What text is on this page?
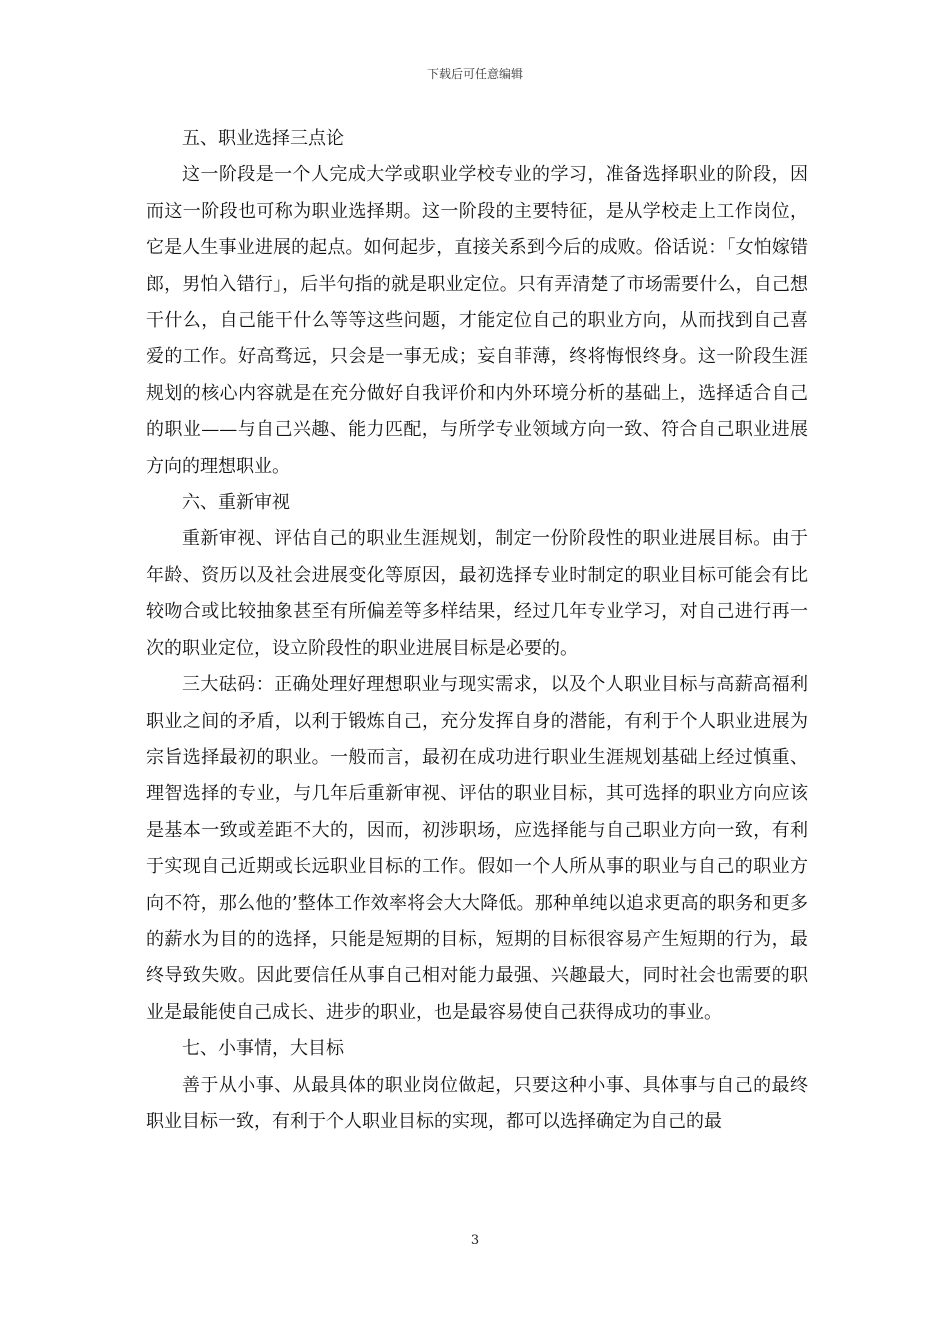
下载后可任意编辑

五、职业选择三点论

这一阶段是一个人完成大学或职业学校专业的学习，准备选择职业的阶段，因而这一阶段也可称为职业选择期。这一阶段的主要特征，是从学校走上工作岗位，它是人生事业进展的起点。如何起步，直接关系到今后的成败。俗话说：「女怕嫁错郎，男怕入错行」，后半句指的就是职业定位。只有弄清楚了市场需要什么，自己想干什么，自己能干什么等等这些问题，才能定位自己的职业方向，从而找到自己喜爱的工作。好高骛远，只会是一事无成；妄自菲薄，终将悔恨终身。这一阶段生涯规划的核心内容就是在充分做好自我评价和内外环境分析的基础上，选择适合自己的职业——与自己兴趣、能力匹配，与所学专业领域方向一致、符合自己职业进展方向的理想职业。

六、重新审视

重新审视、评估自己的职业生涯规划，制定一份阶段性的职业进展目标。由于年龄、资历以及社会进展变化等原因，最初选择专业时制定的职业目标可能会有比较吻合或比较抽象甚至有所偏差等多样结果，经过几年专业学习，对自己进行再一次的职业定位，设立阶段性的职业进展目标是必要的。

三大砝码：正确处理好理想职业与现实需求，以及个人职业目标与高薪高福利职业之间的矛盾，以利于锻炼自己，充分发挥自身的潜能，有利于个人职业进展为宗旨选择最初的职业。一般而言，最初在成功进行职业生涯规划基础上经过慎重、理智选择的专业，与几年后重新审视、评估的职业目标，其可选择的职业方向应该是基本一致或差距不大的，因而，初涉职场，应选择能与自己职业方向一致，有利于实现自己近期或长远职业目标的工作。假如一个人所从事的职业与自己的职业方向不符，那么他的’整体工作效率将会大大降低。那种单纯以追求更高的职务和更多的薪水为目的的选择，只能是短期的目标，短期的目标很容易产生短期的行为，最终导致失败。因此要信任从事自己相对能力最强、兴趣最大，同时社会也需要的职业是最能使自己成长、进步的职业，也是最容易使自己获得成功的事业。

七、小事情，大目标

善于从小事、从最具体的职业岗位做起，只要这种小事、具体事与自己的最终职业目标一致，有利于个人职业目标的实现，都可以选择确定为自己的最

3
